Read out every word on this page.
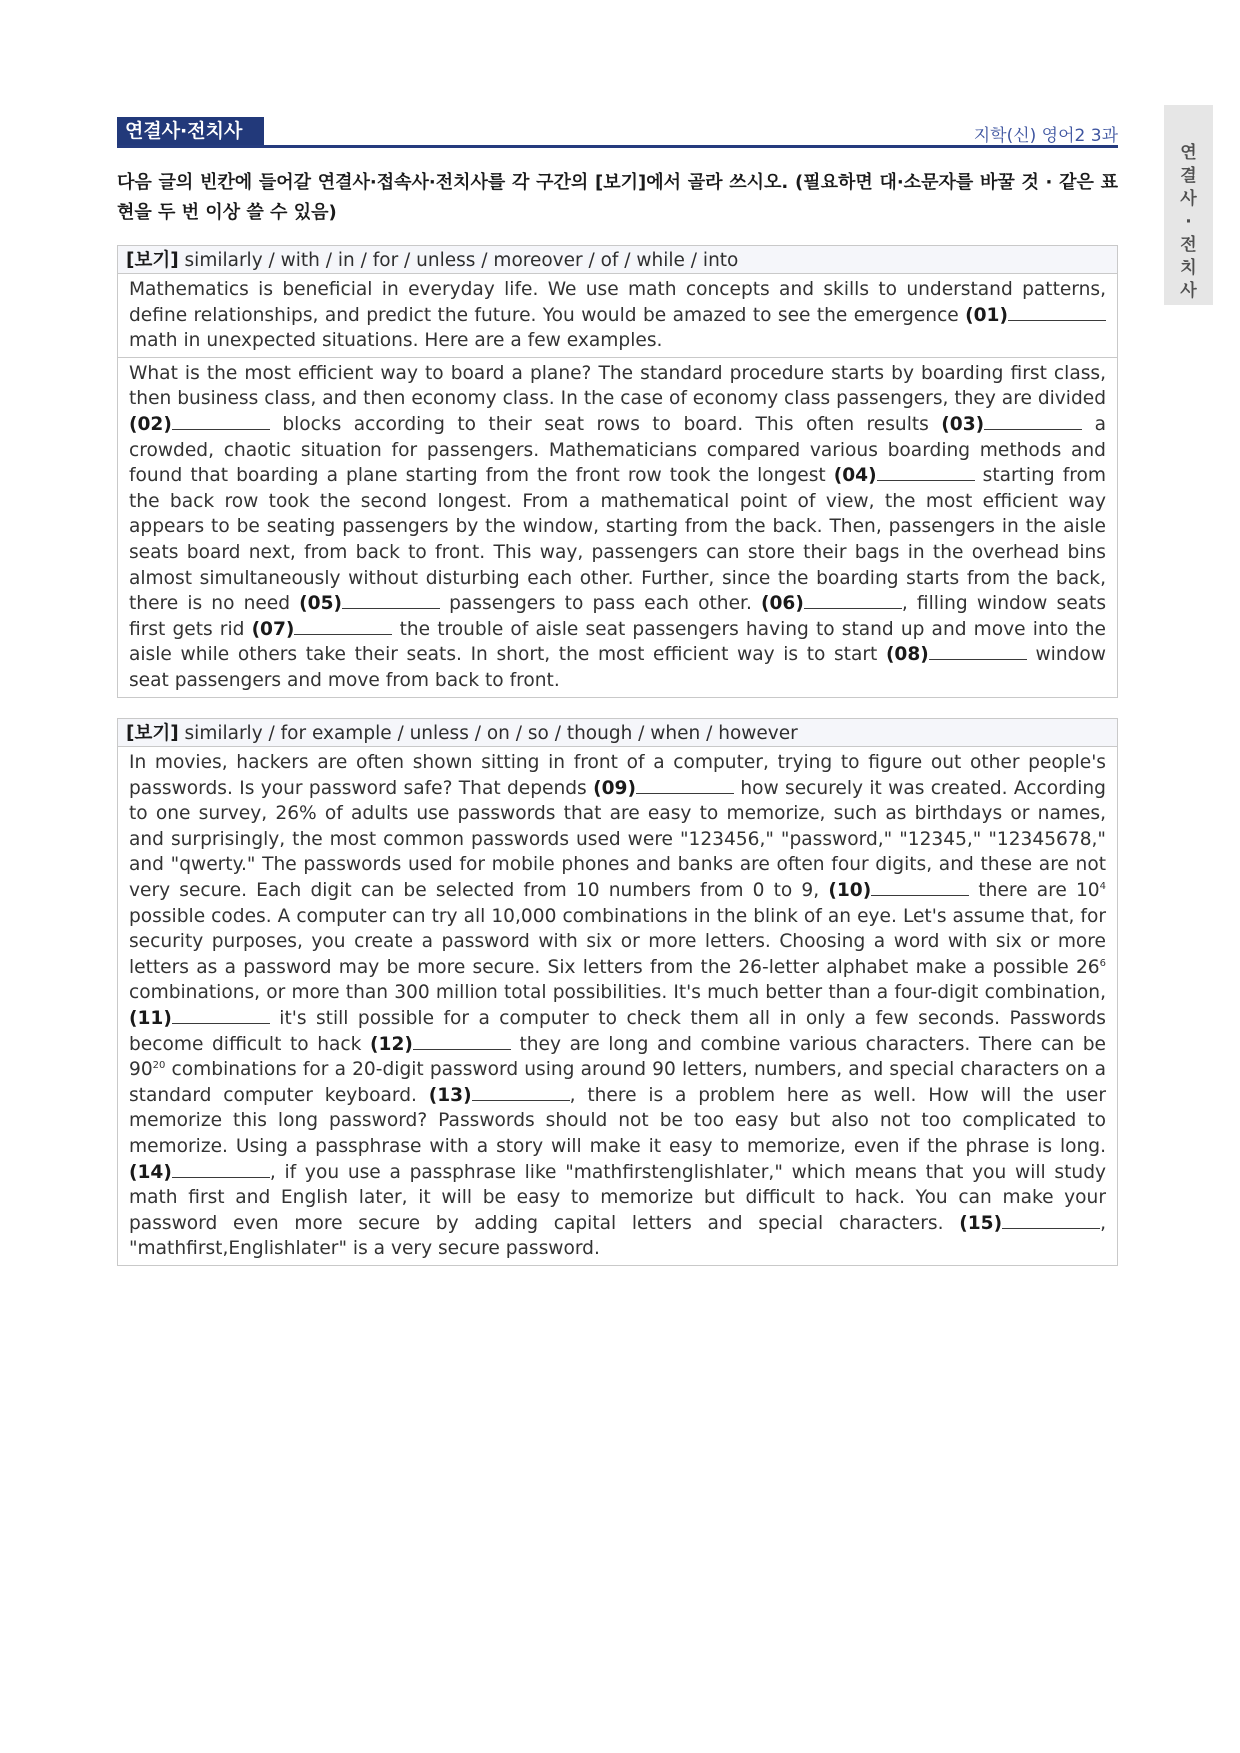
연결사·전치사	지학(신) 영어2 3과
연결사·전치사
다음 글의 빈칸에 들어갈 연결사·접속사·전치사를 각 구간의 [보기]에서 골라 쓰시오. (필요하면 대·소문자를 바꿀 것 · 같은 표현을 두 번 이상 쓸 수 있음)
[보기] similarly / with / in / for / unless / moreover / of / while / into
Mathematics is beneficial in everyday life. We use math concepts and skills to understand patterns, define relationships, and predict the future. You would be amazed to see the emergence (01) math in unexpected situations. Here are a few examples.
What is the most efficient way to board a plane? The standard procedure starts by boarding first class, then business class, and then economy class. In the case of economy class passengers, they are divided (02)	blocks according to their seat rows to board. This often results (03)	a crowded, chaotic situation for passengers. Mathematicians compared various boarding methods and found that boarding a plane starting from the front row took the longest (04)	starting from the back row took the second longest. From a mathematical point of view, the most efficient way appears to be seating passengers by the window, starting from the back. Then, passengers in the aisle seats board next, from back to front. This way, passengers can store their bags in the overhead bins almost simultaneously without disturbing each other. Further, since the boarding starts from the back, there is no need (05)	passengers to pass each other. (06)	, filling window seats first gets rid (07)	the trouble of aisle seat passengers having to stand up and move into the aisle while others take their seats. In short, the most efficient way is to start (08)	window seat passengers and move from back to front.
[보기] similarly / for example / unless / on / so / though / when / however
In movies, hackers are often shown sitting in front of a computer, trying to figure out other people's passwords. Is your password safe? That depends (09)	how securely it was created. According to one survey, 26% of adults use passwords that are easy to memorize, such as birthdays or names, and surprisingly, the most common passwords used were "123456," "password," "12345," "12345678," and "qwerty." The passwords used for mobile phones and banks are often four digits, and these are not very secure. Each digit can be selected from 10 numbers from 0 to 9, (10)	there are $10^4$ possible codes. A computer can try all 10,000 combinations in the blink of an eye. Let's assume that, for security purposes, you create a password with six or more letters. Choosing a word with six or more letters as a password may be more secure. Six letters from the 26-letter alphabet make a possible $26^6$ combinations, or more than 300 million total possibilities. It's much better than a four-digit combination, (11)	it's still possible for a computer to check them all in only a few seconds. Passwords become difficult to hack (12)	they are long and combine various characters. There can be $90^{20}$ combinations for a 20-digit password using around 90 letters, numbers, and special characters on a standard computer keyboard. (13)	, there is a problem here as well. How will the user memorize this long password? Passwords should not be too easy but also not too complicated to memorize. Using a passphrase with a story will make it easy to memorize, even if the phrase is long. (14)	, if you use a passphrase like "mathfirstenglishlater," which means that you will study math first and English later, it will be easy to memorize but difficult to hack. You can make your password even more secure by adding capital letters and special characters. (15)	, "mathfirst,Englishlater" is a very secure password.
